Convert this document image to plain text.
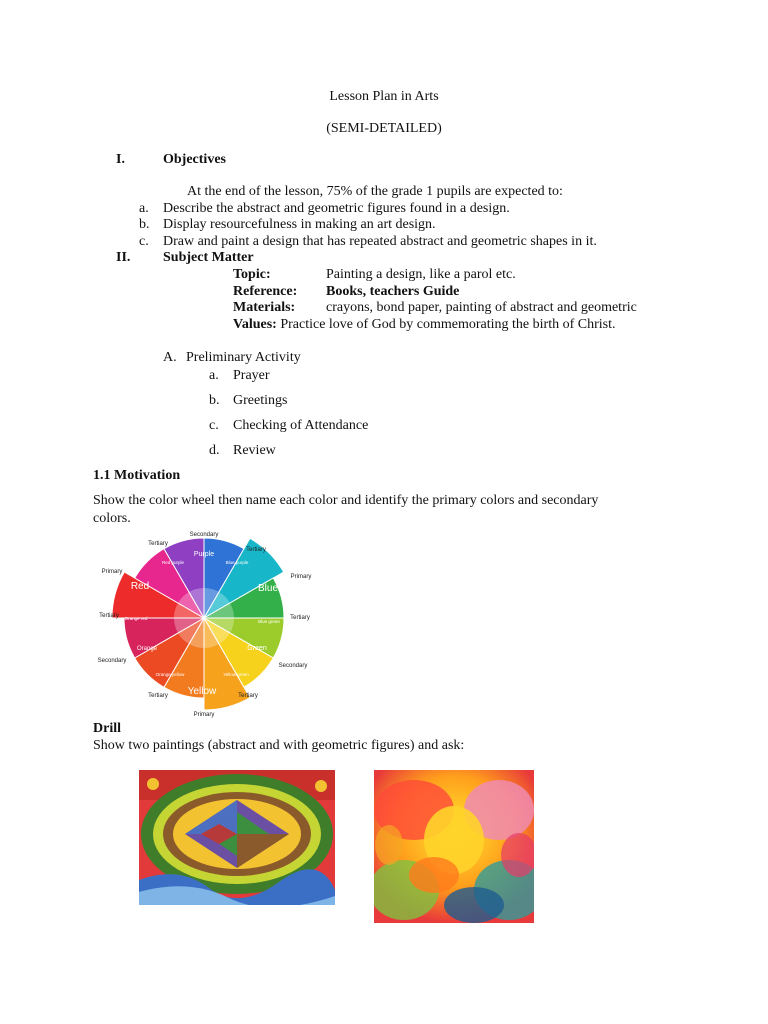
Lesson Plan in Arts
(SEMI-DETAILED)
I.	Objectives
At the end of the lesson, 75% of the grade 1 pupils are expected to:
a. Describe the abstract and geometric figures found in a design.
b. Display resourcefulness in making an art design.
c. Draw and paint a design that has repeated abstract and geometric shapes in it.
II. Subject Matter
Topic:	Painting a design, like a parol etc.
Reference: Books, teachers Guide
Materials: crayons, bond paper, painting of abstract and geometric
Values: Practice love of God by commemorating the birth of Christ.
A. Preliminary Activity
a. Prayer
b. Greetings
c. Checking of Attendance
d. Review
1.1 Motivation
Show the color wheel then name each color and identify the primary colors and secondary
colors.
Secondary
Tertiary
Tertiary
Primary
Primary
Tertiary	Tertiary
Secondary
Secondary
Tertiary	Tertiary
Primary
Red
Purple
Blue
Green
Orange
Yellow
Red purple	Blue purple
Blue green
Yellow green
Orange yellow
Orange red
Drill
Show two paintings (abstract and with geometric figures) and ask:
